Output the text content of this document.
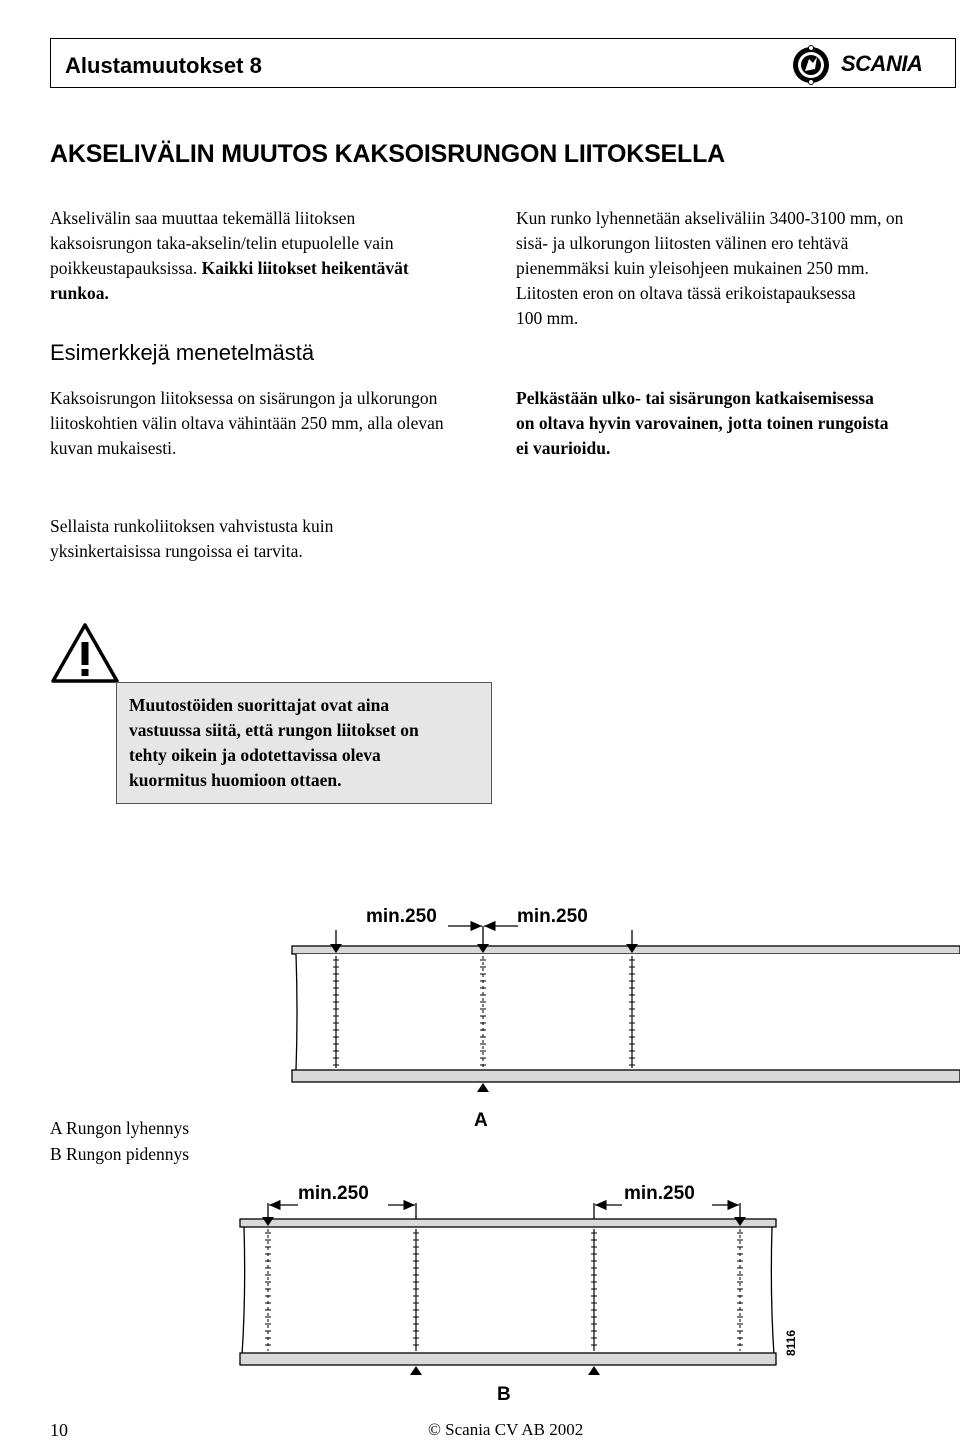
Alustamuutokset 8	SCANIA
AKSELIVÄLIN MUUTOS KAKSOISRUNGON LIITOKSELLA
Akselivälin saa muuttaa tekemällä liitoksen
kaksoisrungon taka-akselin/telin etupuolelle vain
poikkeustapauksissa. Kaikki liitokset heikentävät
runkoa.
Esimerkkejä menetelmästä
Kaksoisrungon liitoksessa on sisärungon ja ulkorungon
liitoskohtien välin oltava vähintään 250 mm, alla olevan
kuvan mukaisesti.
Kun runko lyhennetään akseliväliin 3400-3100 mm, on
sisä- ja ulkorungon liitosten välinen ero tehtävä
pienemmäksi kuin yleisohjeen mukainen 250 mm.
Liitosten eron on oltava tässä erikoistapauksessa
100 mm.
Pelkästään ulko- tai sisärungon katkaisemisessa
on oltava hyvin varovainen, jotta toinen rungoista
ei vaurioidu.
Sellaista runkoliitoksen vahvistusta kuin
yksinkertaisissa rungoissa ei tarvita.
Muutostöiden suorittajat ovat aina
vastuussa siitä, että rungon liitokset on
tehty oikein ja odotettavissa oleva
kuormitus huomioon ottaen.
min.250	min.250
A
A Rungon lyhennys
B Rungon pidennys
min.250	min.250
B
8116
10	© Scania CV AB 2002
